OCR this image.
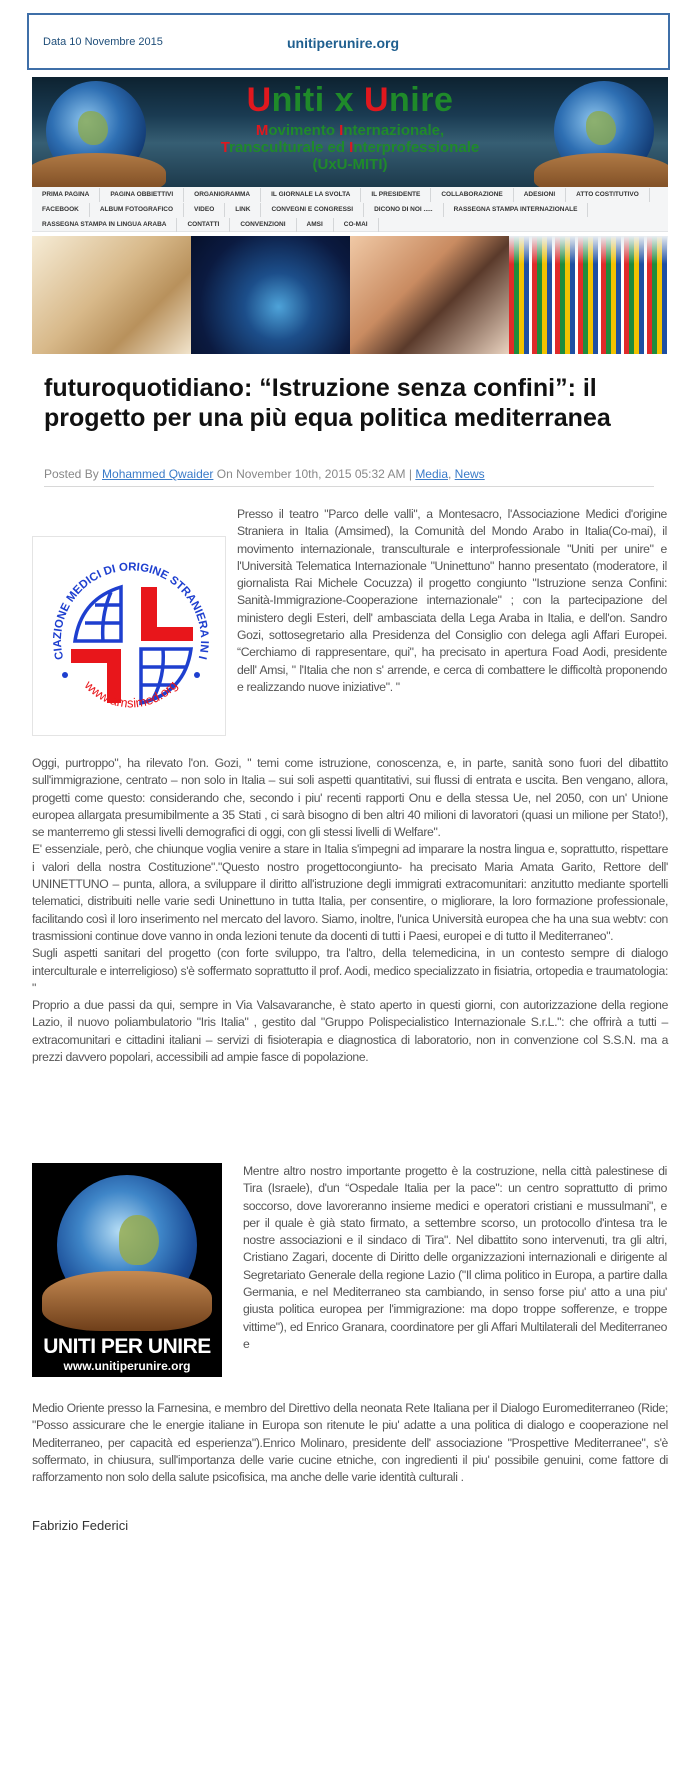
Data 10 Novembre 2015	unitiperunire.org
Uniti x Unire
Movimento Internazionale,
Transculturale ed Interprofessionale
(UxU-MITI)
PRIMA PAGINA	PAGINA OBBIETTIVI	ORGANIGRAMMA	IL GIORNALE LA SVOLTA	IL PRESIDENTE	COLLABORAZIONE	ADESIONI	ATTO COSTITUTIVO
FACEBOOK	ALBUM FOTOGRAFICO	VIDEO	LINK	CONVEGNI E CONGRESSI	DICONO DI NOI .....	RASSEGNA STAMPA INTERNAZIONALE
RASSEGNA STAMPA IN LINGUA ARABA	CONTATTI	CONVENZIONI	AMSI	CO-MAI
futuroquotidiano: “Istruzione senza confini”: il progetto per una più equa politica mediterranea
Posted By Mohammed Qwaider On November 10th, 2015 05:32 AM | Media, News
CIAZIONE MEDICI DI ORIGINE STRANIERA IN I
www.amsimed.org

Presso il teatro "Parco delle valli", a Montesacro, l'Associazione Medici d'origine Straniera in Italia (Amsimed), la Comunità del Mondo Arabo in Italia(Co-mai), il movimento internazionale, transculturale e interprofessionale "Uniti per unire" e l'Università Telematica Internazionale "Uninettuno" hanno presentato (moderatore, il giornalista Rai Michele Cocuzza) il progetto congiunto "Istruzione senza Confini: Sanità-Immigrazione-Cooperazione internazionale" ; con la partecipazione del ministero degli Esteri, dell' ambasciata della Lega Araba in Italia, e dell'on. Sandro Gozi, sottosegretario alla Presidenza del Consiglio con delega agli Affari Europei. “Cerchiamo di rappresentare, qui", ha precisato in apertura Foad Aodi, presidente dell' Amsi, " l'Italia che non s' arrende, e cerca di combattere le difficoltà proponendo e realizzando nuove iniziative". "

Oggi, purtroppo", ha rilevato l'on. Gozi, " temi come istruzione, conoscenza, e, in parte, sanità sono fuori del dibattito sull'immigrazione, centrato – non solo in Italia – sui soli aspetti quantitativi, sui flussi di entrata e uscita. Ben vengano, allora, progetti come questo: considerando che, secondo i piu' recenti rapporti Onu e della stessa Ue, nel 2050, con un' Unione europea allargata presumibilmente a 35 Stati , ci sarà bisogno di ben altri 40 milioni di lavoratori (quasi un milione per Stato!), se manterremo gli stessi livelli demografici di oggi, con gli stessi livelli di Welfare".
E' essenziale, però, che chiunque voglia venire a stare in Italia s'impegni ad imparare la nostra lingua e, soprattutto, rispettare i valori della nostra Costituzione"."Questo nostro progettocongiunto- ha precisato Maria Amata Garito, Rettore dell' UNINETTUNO – punta, allora, a sviluppare il diritto all'istruzione degli immigrati extracomunitari: anzitutto mediante sportelli telematici, distribuiti nelle varie sedi Uninettuno in tutta Italia, per consentire, o migliorare, la loro formazione professionale, facilitando così il loro inserimento nel mercato del lavoro. Siamo, inoltre, l'unica Università europea che ha una sua webtv: con trasmissioni continue dove vanno in onda lezioni tenute da docenti di tutti i Paesi, europei e di tutto il Mediterraneo".
Sugli aspetti sanitari del progetto (con forte sviluppo, tra l'altro, della telemedicina, in un contesto sempre di dialogo interculturale e interreligioso) s'è soffermato soprattutto il prof. Aodi, medico specializzato in fisiatria, ortopedia e traumatologia: "
Proprio a due passi da qui, sempre in Via Valsavaranche, è stato aperto in questi giorni, con autorizzazione della regione Lazio, il nuovo poliambulatorio "Iris Italia" , gestito dal "Gruppo Polispecialistico Internazionale S.r.L.": che offrirà a tutti – extracomunitari e cittadini italiani – servizi di fisioterapia e diagnostica di laboratorio, non in convenzione col S.S.N. ma a prezzi davvero popolari, accessibili ad ampie fasce di popolazione.
UNITI PER UNIRE
www.unitiperunire.org

Mentre altro nostro importante progetto è la costruzione, nella città palestinese di Tira (Israele), d'un “Ospedale Italia per la pace": un centro soprattutto di primo soccorso, dove lavoreranno insieme medici e operatori cristiani e mussulmani", e per il quale è già stato firmato, a settembre scorso, un protocollo d'intesa tra le nostre associazioni e il sindaco di Tira". Nel dibattito sono intervenuti, tra gli altri, Cristiano Zagari, docente di Diritto delle organizzazioni internazionali e dirigente al Segretariato Generale della regione Lazio ("Il clima politico in Europa, a partire dalla Germania, e nel Mediterraneo sta cambiando, in senso forse piu' atto a una piu' giusta politica europea per l'immigrazione: ma dopo troppe sofferenze, e troppe vittime"), ed Enrico Granara, coordinatore per gli Affari Multilaterali del Mediterraneo e

Medio Oriente presso la Farnesina, e membro del Direttivo della neonata Rete Italiana per il Dialogo Euromediterraneo (Ride; "Posso assicurare che le energie italiane in Europa son ritenute le piu' adatte a una politica di dialogo e cooperazione nel Mediterraneo, per capacità ed esperienza").Enrico Molinaro, presidente dell' associazione "Prospettive Mediterranee", s'è soffermato, in chiusura, sull'importanza delle varie cucine etniche, con ingredienti il piu' possibile genuini, come fattore di rafforzamento non solo della salute psicofisica, ma anche delle varie identità culturali .

Fabrizio Federici
